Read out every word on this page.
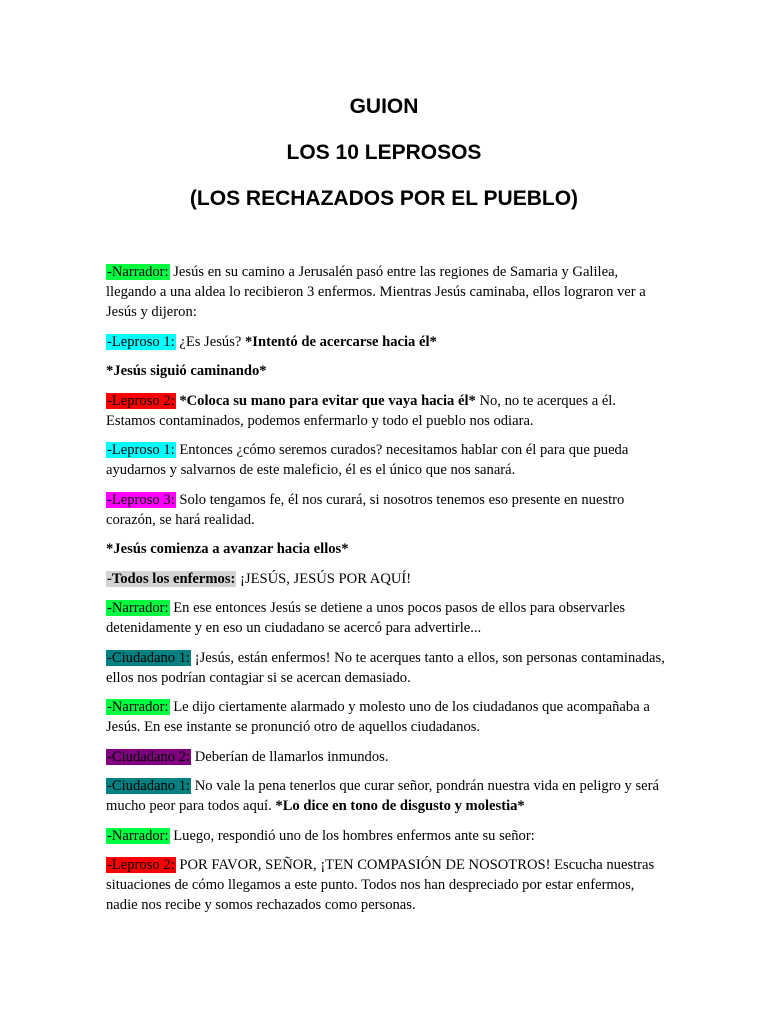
GUION
LOS 10 LEPROSOS
(LOS RECHAZADOS POR EL PUEBLO)

-Narrador: Jesús en su camino a Jerusalén pasó entre las regiones de Samaria y Galilea, llegando a una aldea lo recibieron 3 enfermos. Mientras Jesús caminaba, ellos lograron ver a Jesús y dijeron:

-Leproso 1: ¿Es Jesús? *Intentó de acercarse hacia él*

*Jesús siguió caminando*

-Leproso 2: *Coloca su mano para evitar que vaya hacia él* No, no te acerques a él. Estamos contaminados, podemos enfermarlo y todo el pueblo nos odiara.

-Leproso 1: Entonces ¿cómo seremos curados? necesitamos hablar con él para que pueda ayudarnos y salvarnos de este maleficio, él es el único que nos sanará.

-Leproso 3: Solo tengamos fe, él nos curará, si nosotros tenemos eso presente en nuestro corazón, se hará realidad.

*Jesús comienza a avanzar hacia ellos*

-Todos los enfermos: ¡JESÚS, JESÚS POR AQUÍ!

-Narrador: En ese entonces Jesús se detiene a unos pocos pasos de ellos para observarles detenidamente y en eso un ciudadano se acercó para advertirle...

-Ciudadano 1: ¡Jesús, están enfermos! No te acerques tanto a ellos, son personas contaminadas, ellos nos podrían contagiar si se acercan demasiado.

-Narrador: Le dijo ciertamente alarmado y molesto uno de los ciudadanos que acompañaba a Jesús. En ese instante se pronunció otro de aquellos ciudadanos.

-Ciudadano 2: Deberían de llamarlos inmundos.

-Ciudadano 1: No vale la pena tenerlos que curar señor, pondrán nuestra vida en peligro y será mucho peor para todos aquí. *Lo dice en tono de disgusto y molestia*

-Narrador: Luego, respondió uno de los hombres enfermos ante su señor:

-Leproso 2: POR FAVOR, SEÑOR, ¡TEN COMPASIÓN DE NOSOTROS! Escucha nuestras situaciones de cómo llegamos a este punto. Todos nos han despreciado por estar enfermos, nadie nos recibe y somos rechazados como personas.
